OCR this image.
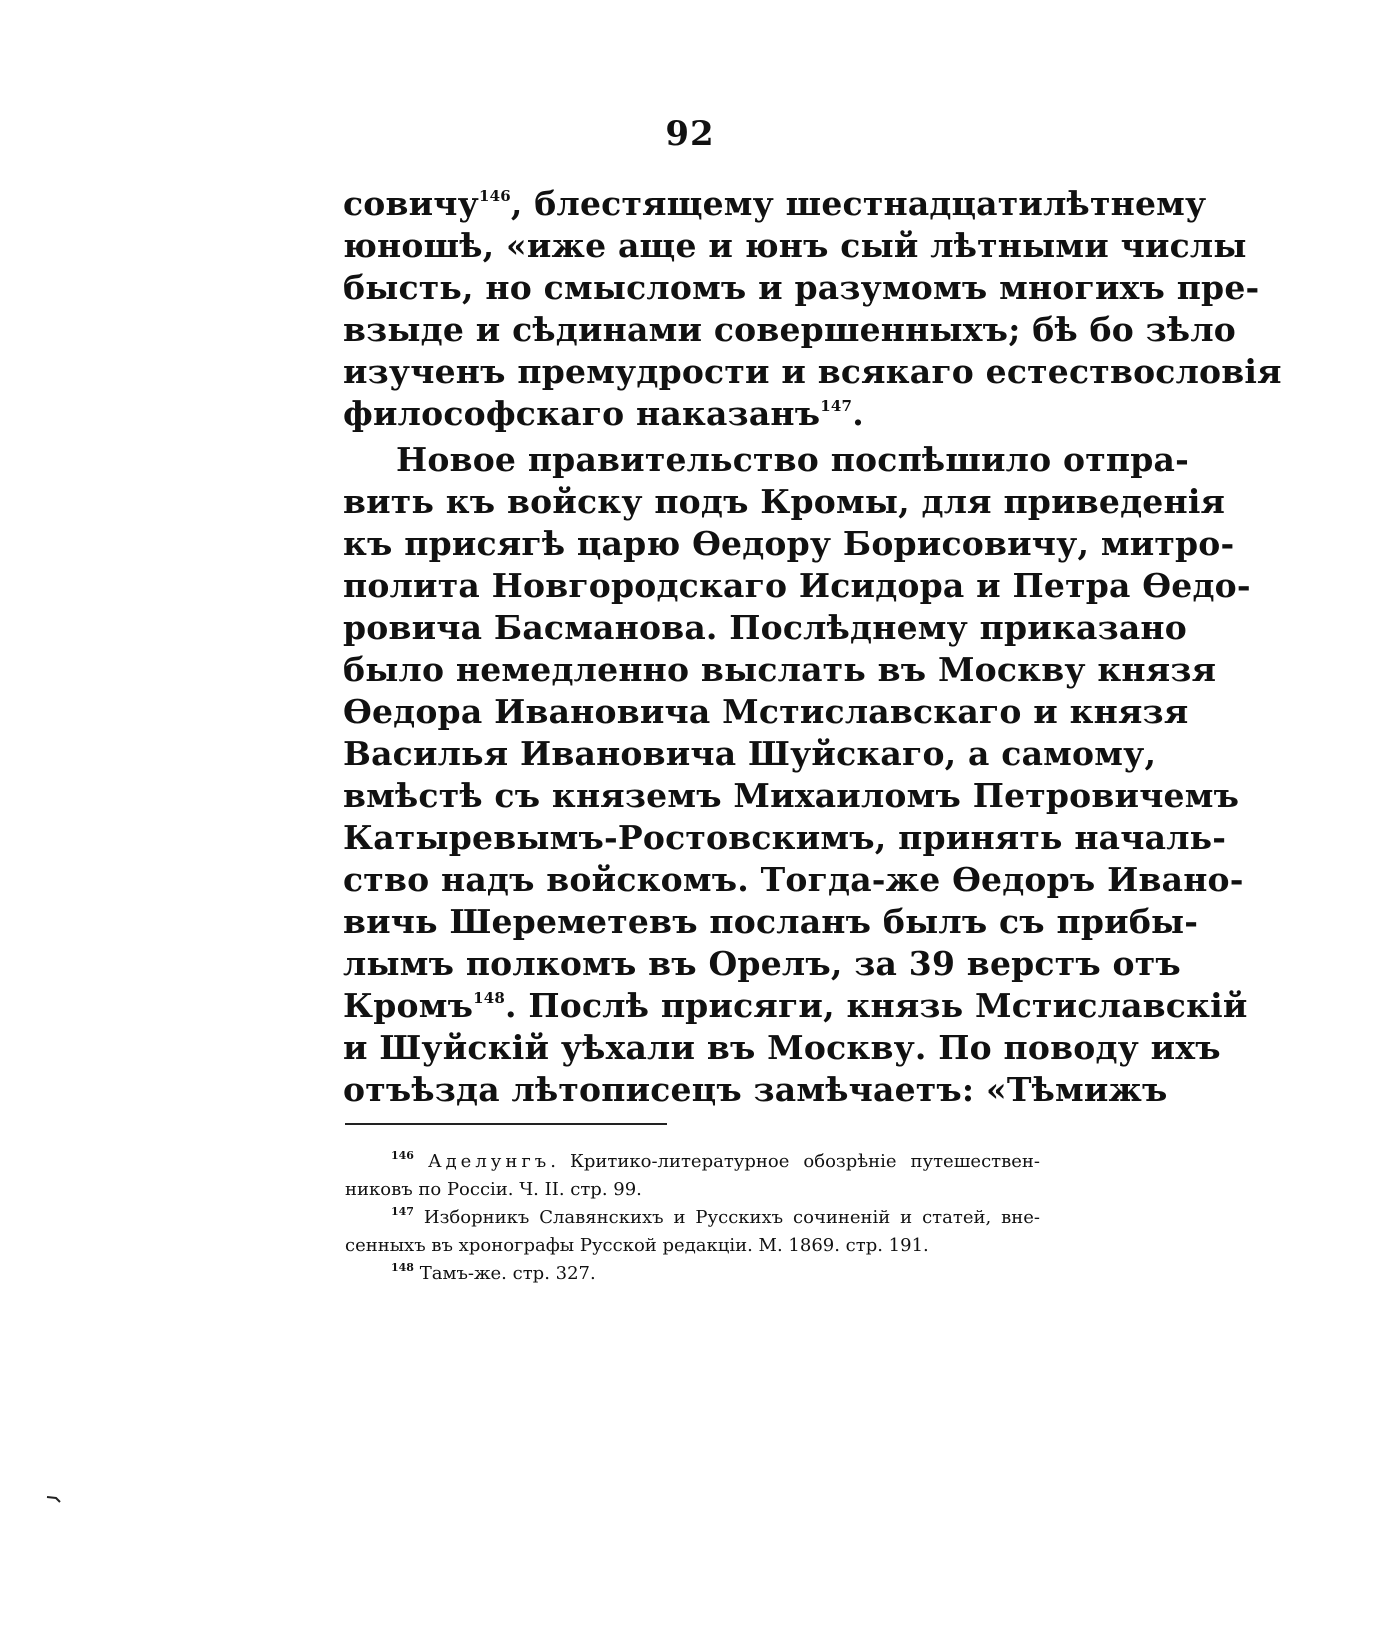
92
совичу$^{146}$, блестящему шестнадцатилѣтнему
юношѣ, «иже аще и юнъ сый лѣтными числы
бысть, но смысломъ и разумомъ многихъ пре-
взыде и сѣдинами совершенныхъ; бѣ бо зѣло
изученъ премудрости и всякаго естествословія
философскаго наказанъ$^{147}$.
Новое правительство поспѣшило отпра-
вить къ войску подъ Кромы, для приведенія
къ присягѣ царю Ѳедору Борисовичу, митро-
полита Новгородскаго Исидора и Петра Ѳедо-
ровича Басманова. Послѣднему приказано
было немедленно выслать въ Москву князя
Ѳедора Ивановича Мстиславскаго и князя
Василья Ивановича Шуйскаго, а самому,
вмѣстѣ съ княземъ Михаиломъ Петровичемъ
Катыревымъ-Ростовскимъ, принять началь-
ство надъ войскомъ. Тогда-же Ѳедоръ Ивано-
вичь Шереметевъ посланъ былъ съ прибы-
лымъ полкомъ въ Орелъ, за 39 верстъ отъ
Кромъ$^{148}$. Послѣ присяги, князь Мстиславскій
и Шуйскій уѣхали въ Москву. По поводу ихъ
отъѣзда лѣтописецъ замѣчаетъ: «Тѣмижъ
$^{146}$ Аделунгъ. Критико-литературное обозрѣніе путешествен-
никовъ по Россіи. Ч. II. стр. 99.
$^{147}$ Изборникъ Славянскихъ и Русскихъ сочиненій и статей, вне-
сенныхъ въ хронографы Русской редакціи. М. 1869. стр. 191.
$^{148}$ Тамъ-же. стр. 327.
